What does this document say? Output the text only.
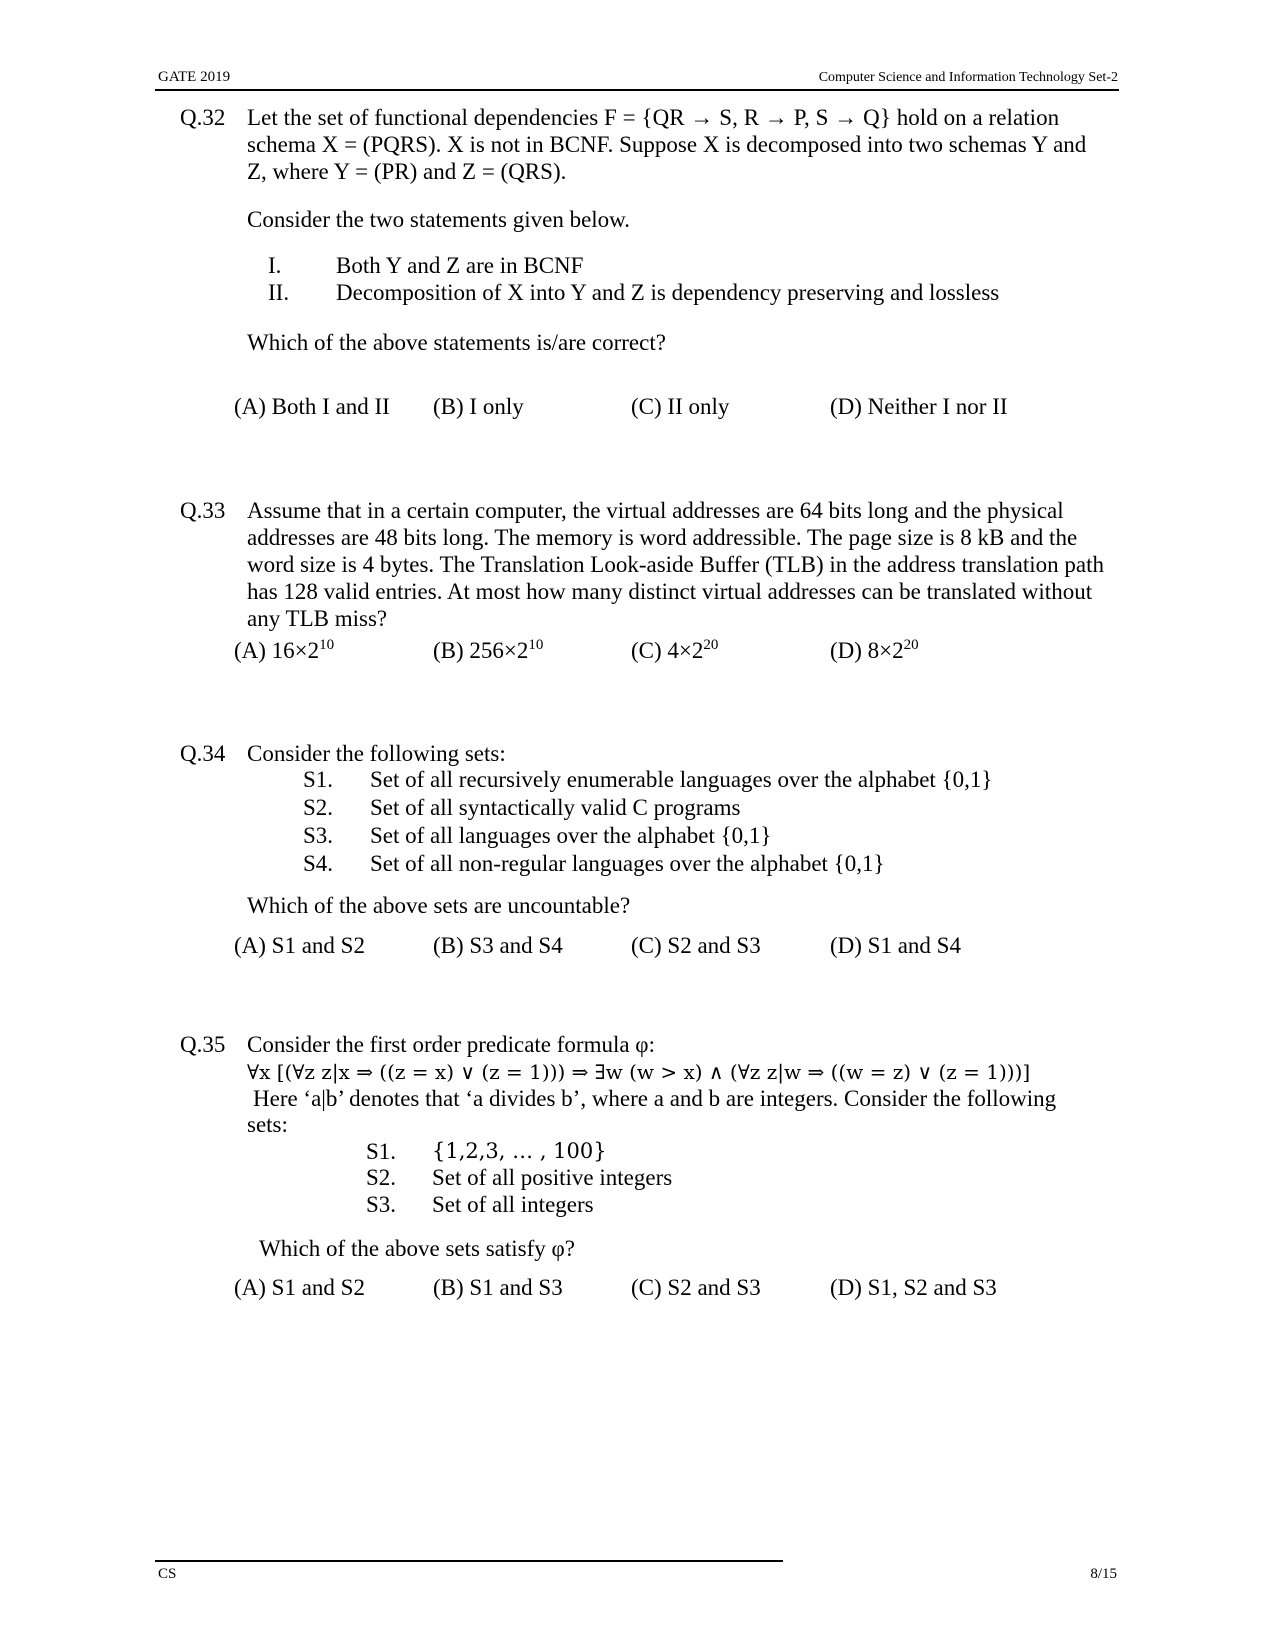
GATE 2019	Computer Science and Information Technology Set-2
Q.32 Let the set of functional dependencies F = {QR → S, R → P, S → Q} hold on a relation
schema X = (PQRS). X is not in BCNF. Suppose X is decomposed into two schemas Y and
Z, where Y = (PR) and Z = (QRS).
Consider the two statements given below.
I. Both Y and Z are in BCNF
II. Decomposition of X into Y and Z is dependency preserving and lossless
Which of the above statements is/are correct?
(A) Both I and II (B) I only	(C) II only	(D) Neither I nor II
Q.33 Assume that in a certain computer, the virtual addresses are 64 bits long and the physical
addresses are 48 bits long. The memory is word addressible. The page size is 8 kB and the
word size is 4 bytes. The Translation Look-aside Buffer (TLB) in the address translation path
has 128 valid entries. At most how many distinct virtual addresses can be translated without
any TLB miss?
(A) $16\times 2^{10}$	(B) $256\times 2^{10}$	(C) $4\times 2^{20}$	(D) $8\times 2^{20}$
Q.34 Consider the following sets:
S1. Set of all recursively enumerable languages over the alphabet {0,1}
S2. Set of all syntactically valid C programs
S3. Set of all languages over the alphabet {0,1}
S4. Set of all non-regular languages over the alphabet {0,1}
Which of the above sets are uncountable?
(A) S1 and S2	(B) S3 and S4	(C) S2 and S3	(D) S1 and S4
Q.35 Consider the first order predicate formula φ:
∀x [(∀z z|x ⇒ ((z = x) ∨ (z = 1))) ⇒ ∃w (w > x) ∧ (∀z z|w ⇒ ((w = z) ∨ (z = 1)))]
Here ‘a|b’ denotes that ‘a divides b’, where a and b are integers. Consider the following
sets:
S1. {1,2,3, … , 100}
S2. Set of all positive integers
S3. Set of all integers
Which of the above sets satisfy φ?
(A) S1 and S2	(B) S1 and S3	(C) S2 and S3	(D) S1, S2 and S3
CS	8/15
